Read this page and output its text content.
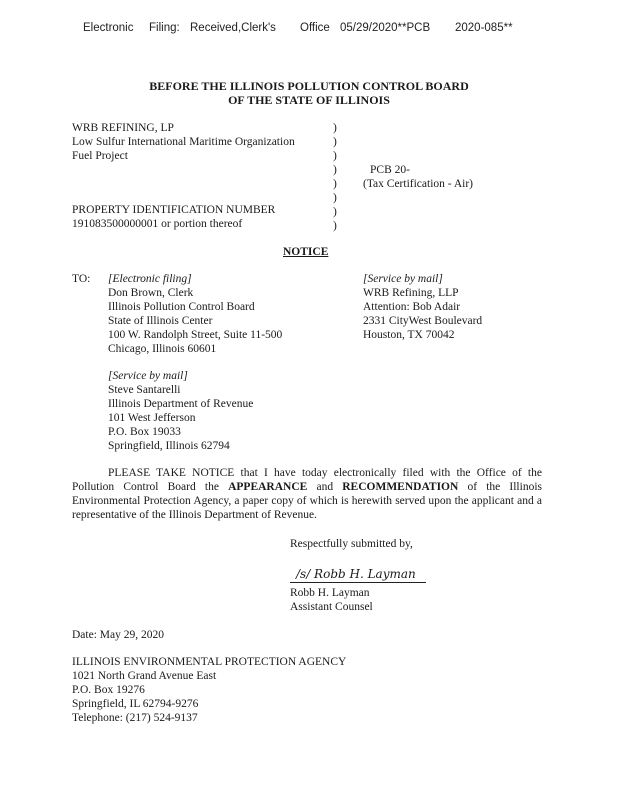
Electronic Filing: Received,Clerk's Office 05/29/2020**PCB 2020-085**
BEFORE THE ILLINOIS POLLUTION CONTROL BOARD
OF THE STATE OF ILLINOIS
WRB REFINING, LP
Low Sulfur International Maritime Organization
Fuel Project
PROPERTY IDENTIFICATION NUMBER
191083500000001 or portion thereof
)
)
)
)
)
)
)
)
PCB 20-
(Tax Certification - Air)
NOTICE
TO: [Electronic filing]
Don Brown, Clerk
Illinois Pollution Control Board
State of Illinois Center
100 W. Randolph Street, Suite 11-500
Chicago, Illinois 60601
[Service by mail]
WRB Refining, LLP
Attention: Bob Adair
2331 CityWest Boulevard
Houston, TX 70042
[Service by mail]
Steve Santarelli
Illinois Department of Revenue
101 West Jefferson
P.O. Box 19033
Springfield, Illinois 62794

PLEASE TAKE NOTICE that I have today electronically filed with the Office of the Pollution Control Board the APPEARANCE and RECOMMENDATION of the Illinois Environmental Protection Agency, a paper copy of which is herewith served upon the applicant and a representative of the Illinois Department of Revenue.

Respectfully submitted by,
/s/ Robb H. Layman
Robb H. Layman
Assistant Counsel
Date: May 29, 2020
ILLINOIS ENVIRONMENTAL PROTECTION AGENCY
1021 North Grand Avenue East
P.O. Box 19276
Springfield, IL 62794-9276
Telephone: (217) 524-9137
